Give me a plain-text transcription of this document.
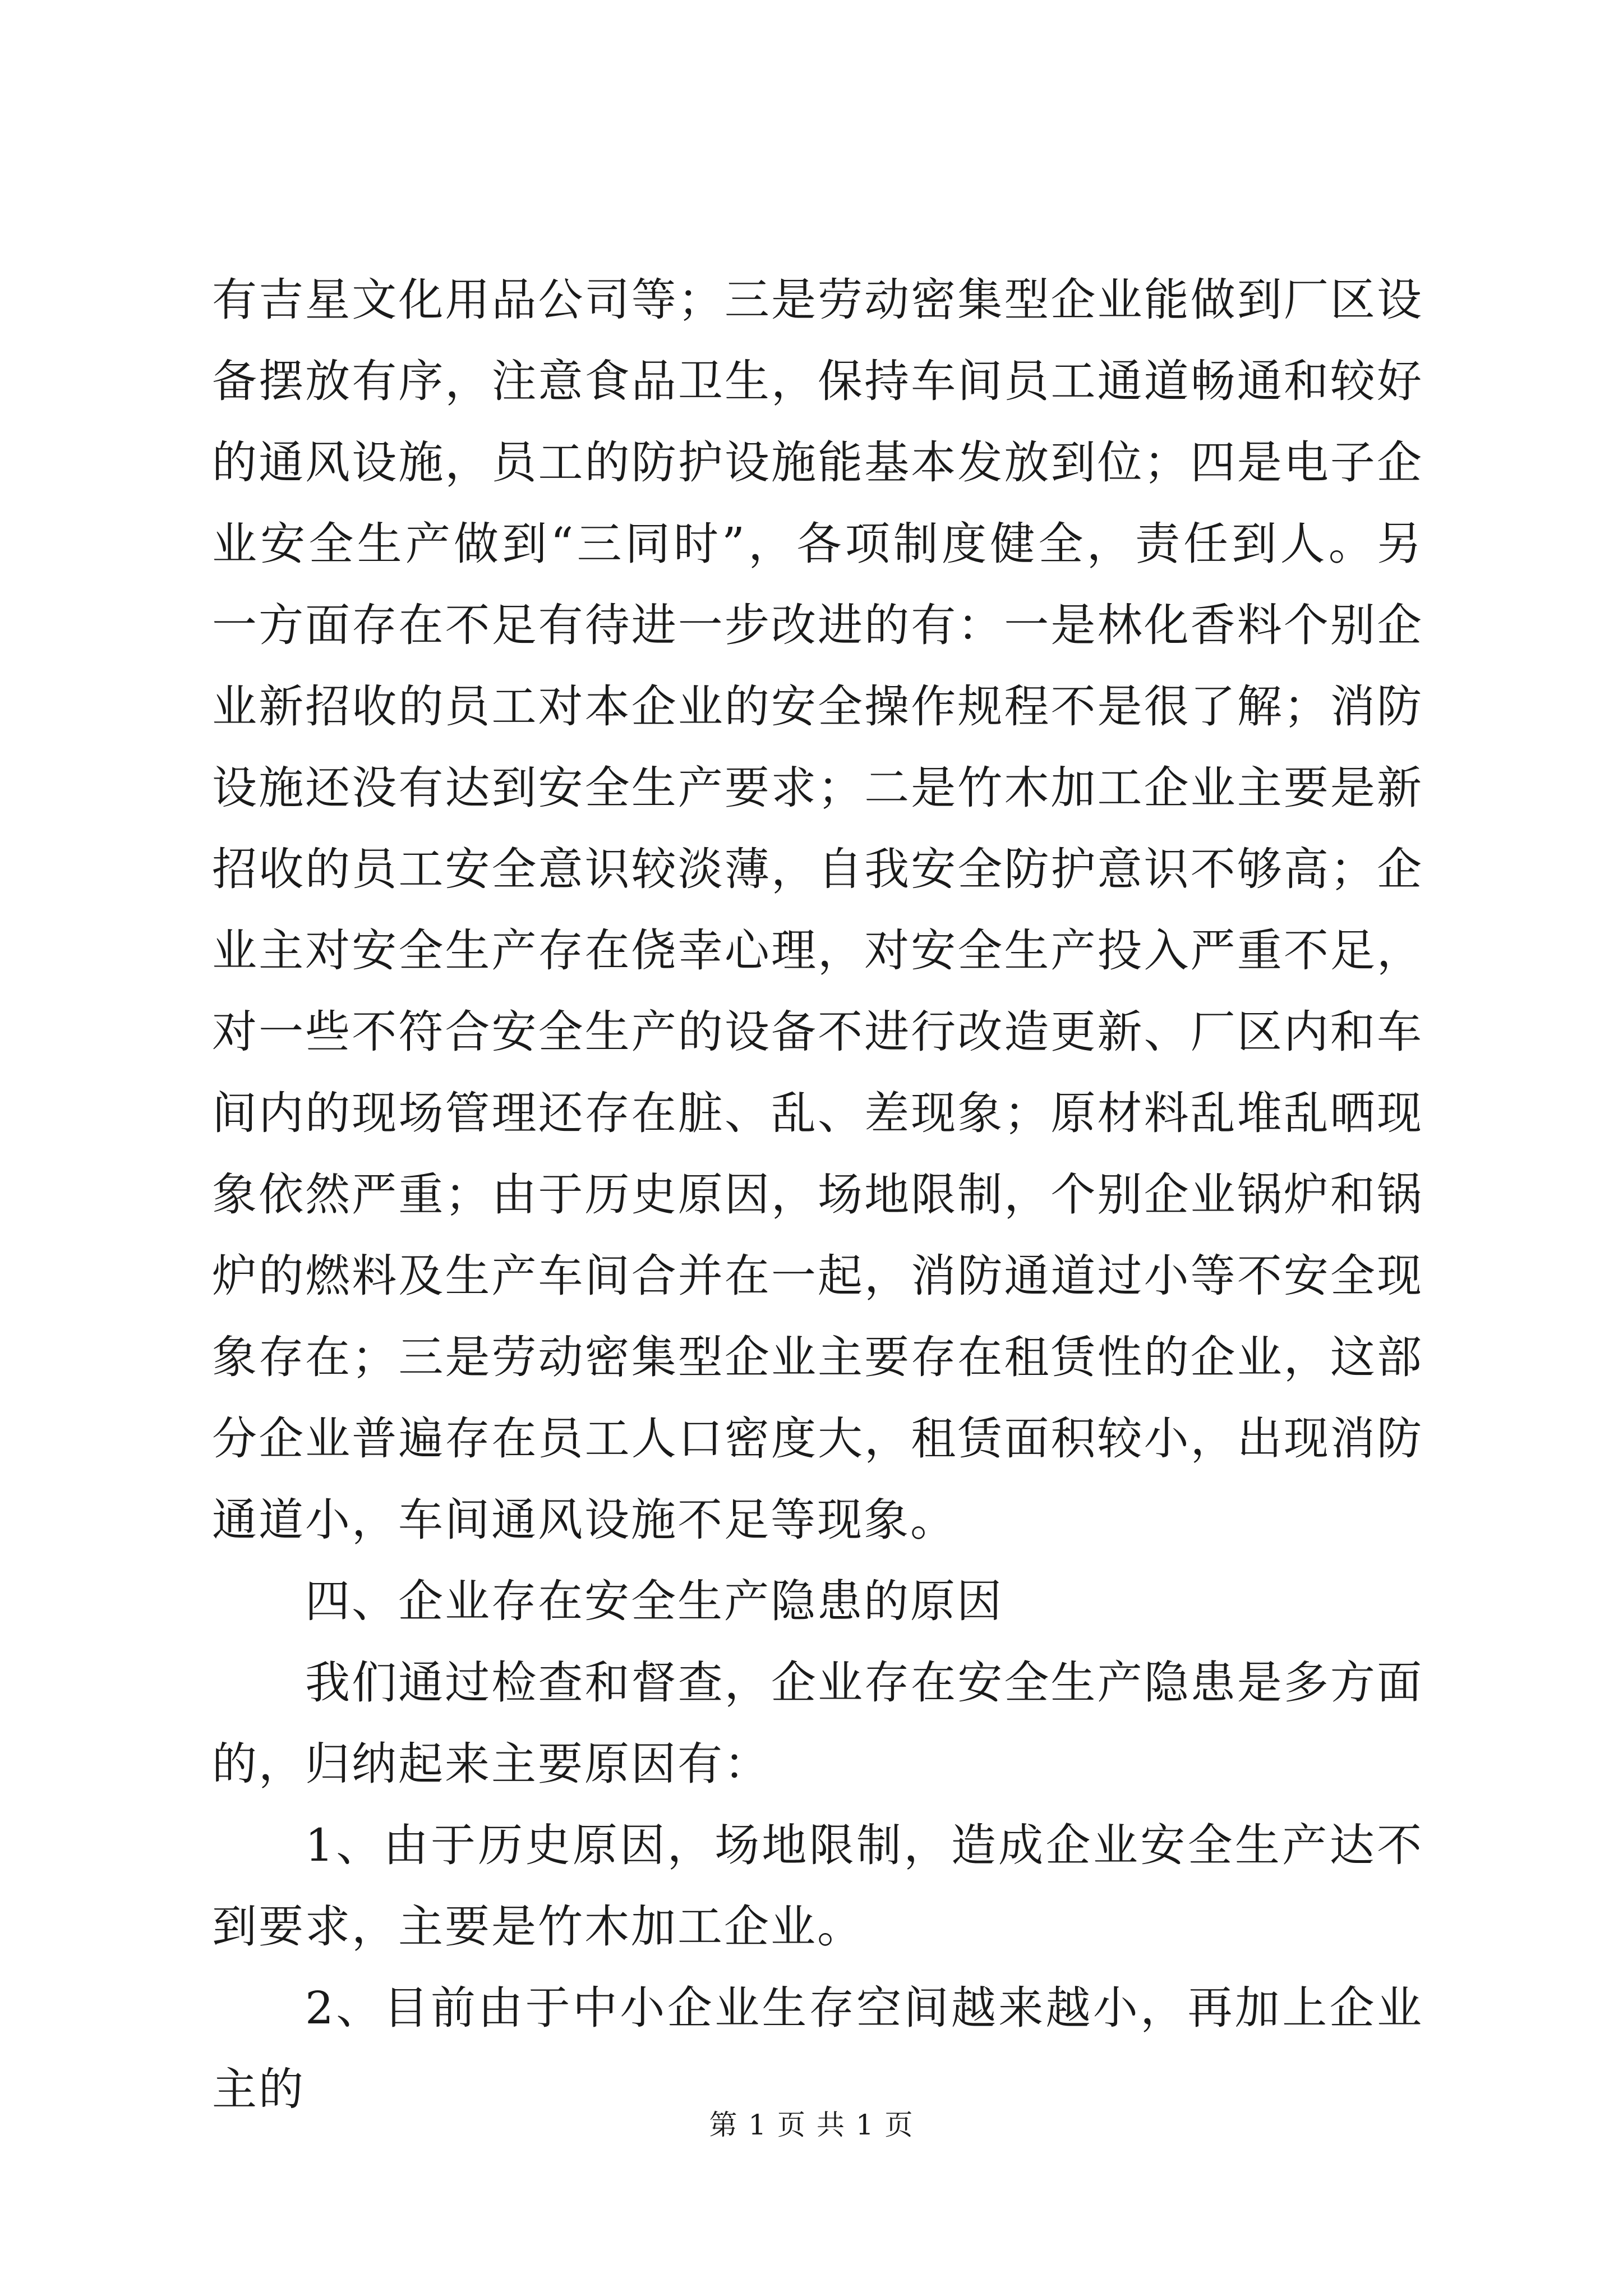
有吉星文化用品公司等；三是劳动密集型企业能做到厂区设备摆放有序，注意食品卫生，保持车间员工通道畅通和较好的通风设施，员工的防护设施能基本发放到位；四是电子企业安全生产做到“三同时”，各项制度健全，责任到人。另一方面存在不足有待进一步改进的有：一是林化香料个别企业新招收的员工对本企业的安全操作规程不是很了解；消防设施还没有达到安全生产要求；二是竹木加工企业主要是新招收的员工安全意识较淡薄，自我安全防护意识不够高；企业主对安全生产存在侥幸心理，对安全生产投入严重不足，对一些不符合安全生产的设备不进行改造更新、厂区内和车间内的现场管理还存在脏、乱、差现象；原材料乱堆乱晒现象依然严重；由于历史原因，场地限制，个别企业锅炉和锅炉的燃料及生产车间合并在一起，消防通道过小等不安全现象存在；三是劳动密集型企业主要存在租赁性的企业，这部分企业普遍存在员工人口密度大，租赁面积较小，出现消防通道小，车间通风设施不足等现象。

四、企业存在安全生产隐患的原因

我们通过检查和督查，企业存在安全生产隐患是多方面的，归纳起来主要原因有：

1、由于历史原因，场地限制，造成企业安全生产达不到要求，主要是竹木加工企业。

2、目前由于中小企业生存空间越来越小，再加上企业主的

第 1 页 共 1 页
